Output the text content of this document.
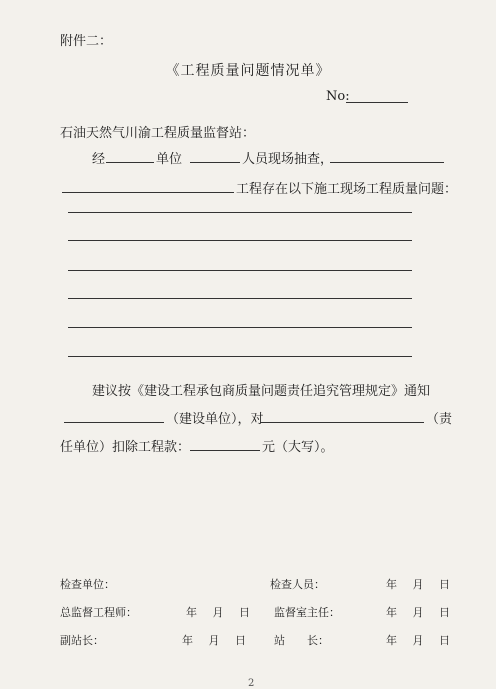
附件二：
《工程质量问题情况单》
No:
石油天然气川渝工程质量监督站：
经	单位	人员现场抽查，
工程存在以下施工现场工程质量问题：
建议按《建设工程承包商质量问题责任追究管理规定》通知
（建设单位），对	（责
任单位）扣除工程款：	元（大写）。
检查单位：	检查人员：	年 月 日
总监督工程师：	年 月 日 监督室主任：	年 月 日
副站长：	年 月 日 站　　长：	年 月 日
2
